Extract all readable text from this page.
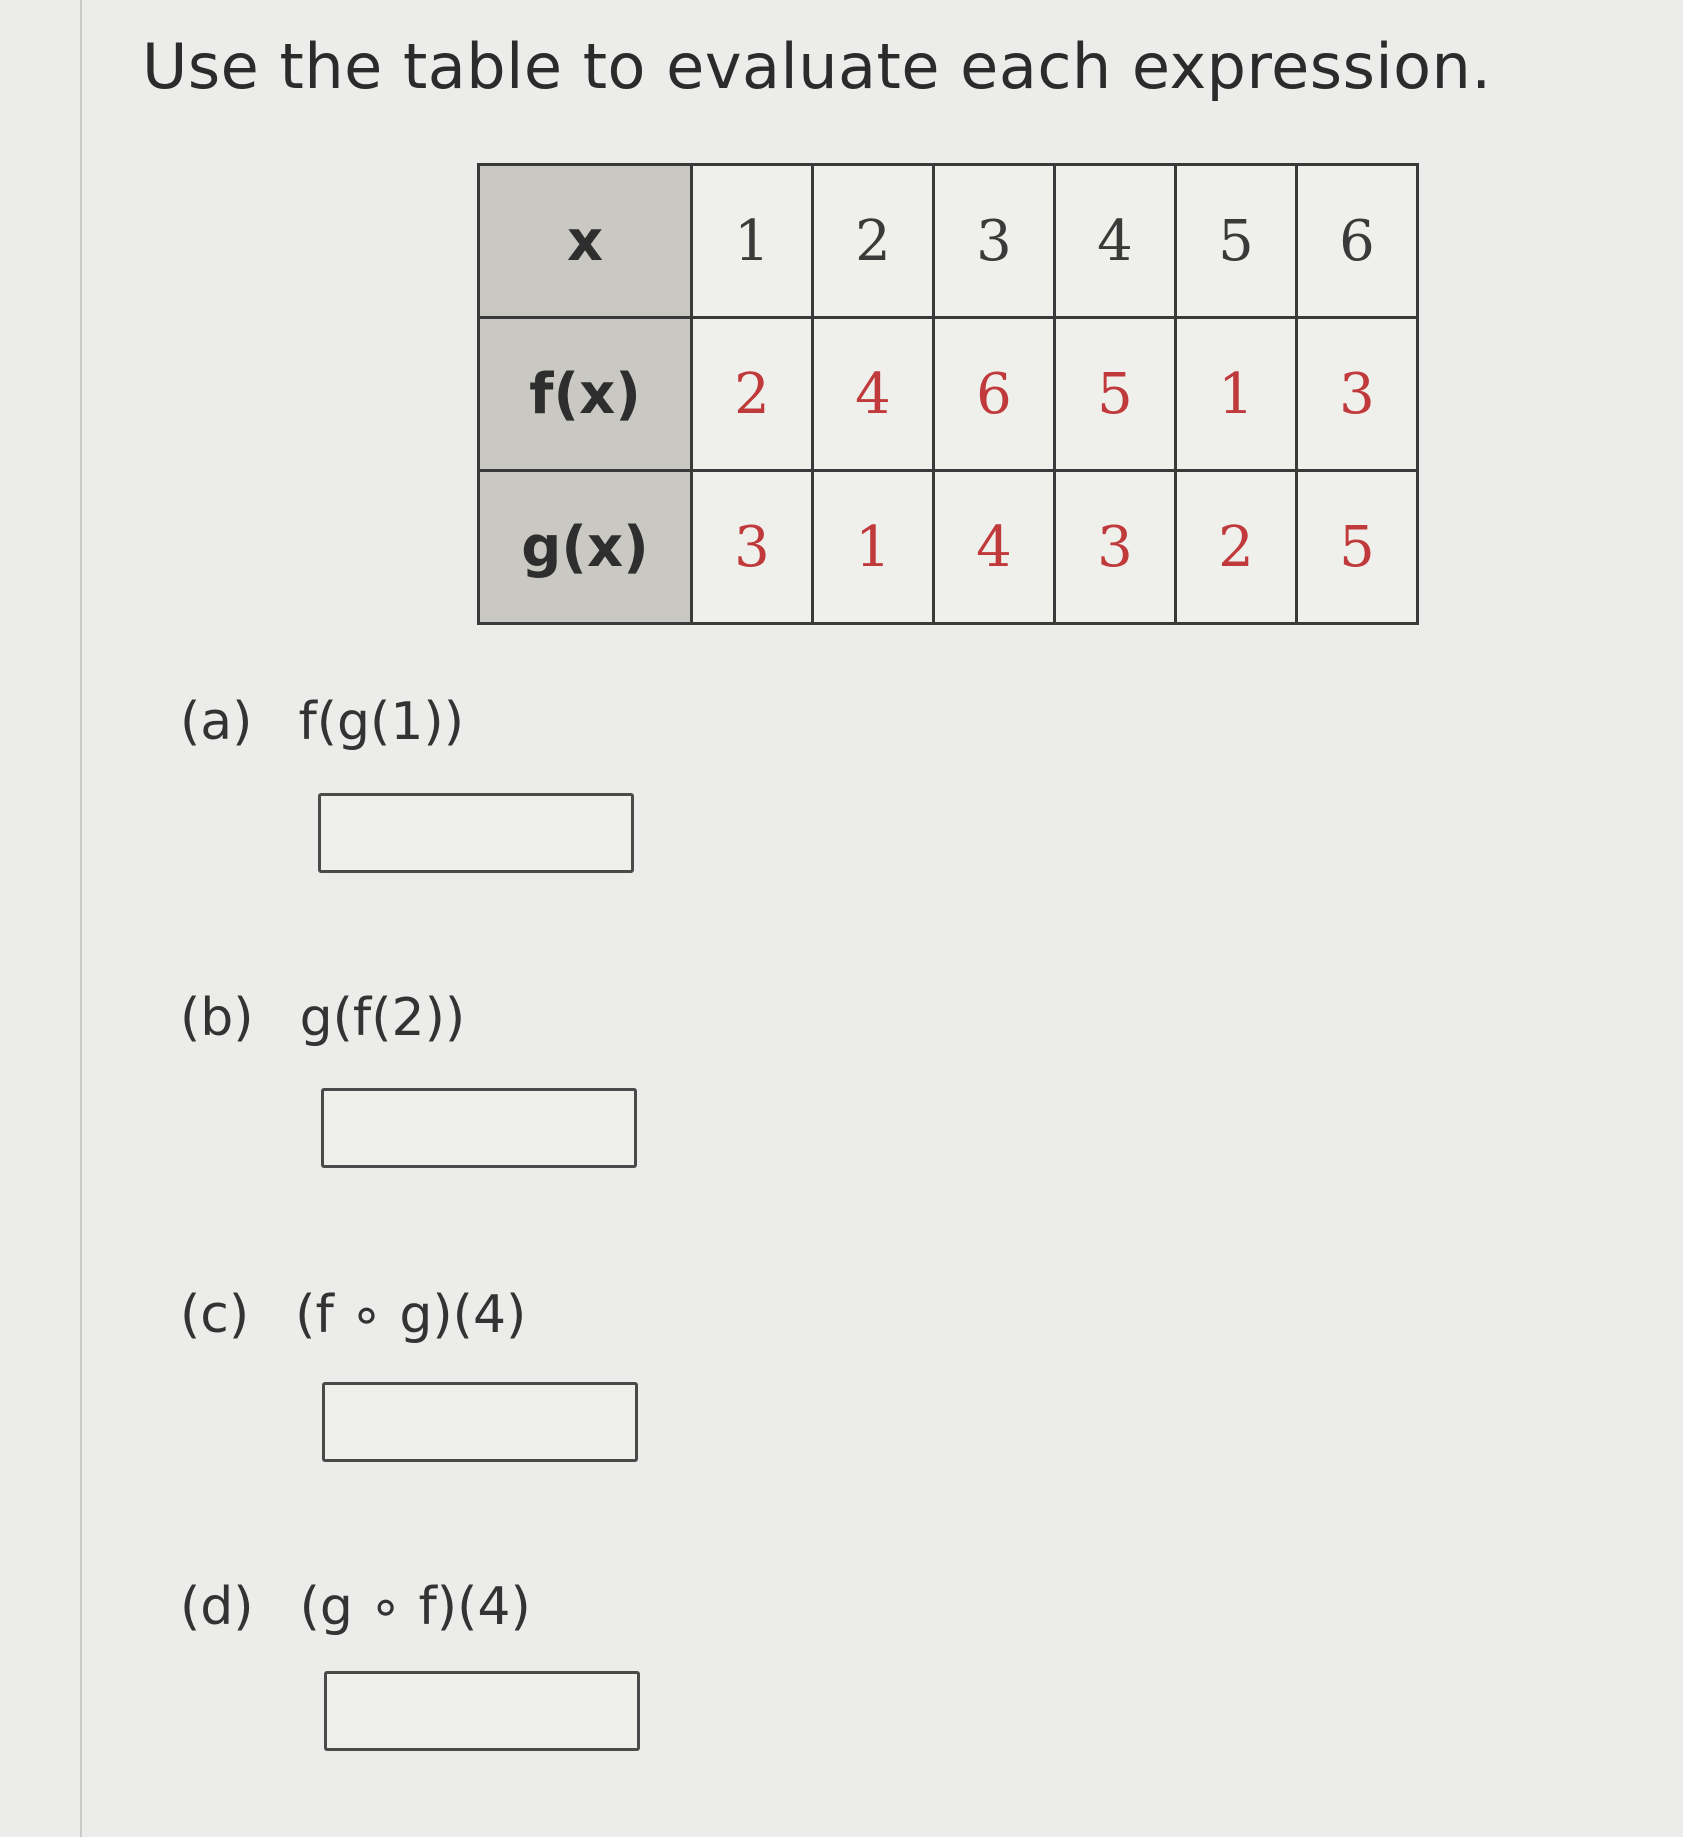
Use the table to evaluate each expression.
x	1	2	3	4	5	6
f(x)	2	4	6	5	1	3
g(x)	3	1	4	3	2	5
(a) f(g(1))
(b) g(f(2))
(c) (f ∘ g)(4)
(d) (g ∘ f)(4)
